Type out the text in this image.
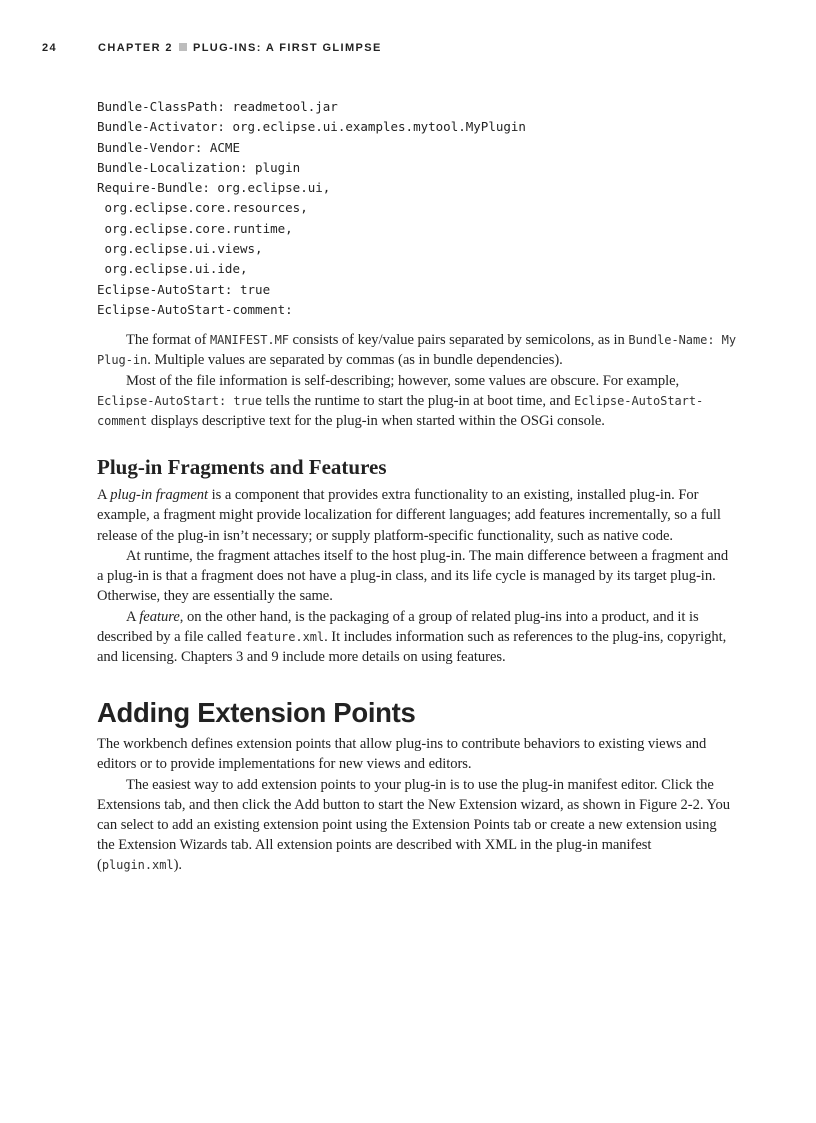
24	CHAPTER 2 PLUG-INS: A FIRST GLIMPSE
Bundle-ClassPath: readmetool.jar
Bundle-Activator: org.eclipse.ui.examples.mytool.MyPlugin
Bundle-Vendor: ACME
Bundle-Localization: plugin
Require-Bundle: org.eclipse.ui,
org.eclipse.core.resources,
org.eclipse.core.runtime,
org.eclipse.ui.views,
org.eclipse.ui.ide,
Eclipse-AutoStart: true
Eclipse-AutoStart-comment:

The format of MANIFEST.MF consists of key/value pairs separated by semicolons, as in Bundle-Name: My Plug-in. Multiple values are separated by commas (as in bundle dependencies).

Most of the file information is self-describing; however, some values are obscure. For example, Eclipse-AutoStart: true tells the runtime to start the plug-in at boot time, and Eclipse-AutoStart-comment displays descriptive text for the plug-in when started within the OSGi console.

Plug-in Fragments and Features

A plug-in fragment is a component that provides extra functionality to an existing, installed plug-in. For example, a fragment might provide localization for different languages; add features incrementally, so a full release of the plug-in isn’t necessary; or supply platform-specific functionality, such as native code.

At runtime, the fragment attaches itself to the host plug-in. The main difference between a fragment and a plug-in is that a fragment does not have a plug-in class, and its life cycle is managed by its target plug-in. Otherwise, they are essentially the same.

A feature, on the other hand, is the packaging of a group of related plug-ins into a product, and it is described by a file called feature.xml. It includes information such as references to the plug-ins, copyright, and licensing. Chapters 3 and 9 include more details on using features.

Adding Extension Points

The workbench defines extension points that allow plug-ins to contribute behaviors to existing views and editors or to provide implementations for new views and editors.

The easiest way to add extension points to your plug-in is to use the plug-in manifest editor. Click the Extensions tab, and then click the Add button to start the New Extension wizard, as shown in Figure 2-2. You can select to add an existing extension point using the Extension Points tab or create a new extension using the Extension Wizards tab. All extension points are described with XML in the plug-in manifest (plugin.xml).
